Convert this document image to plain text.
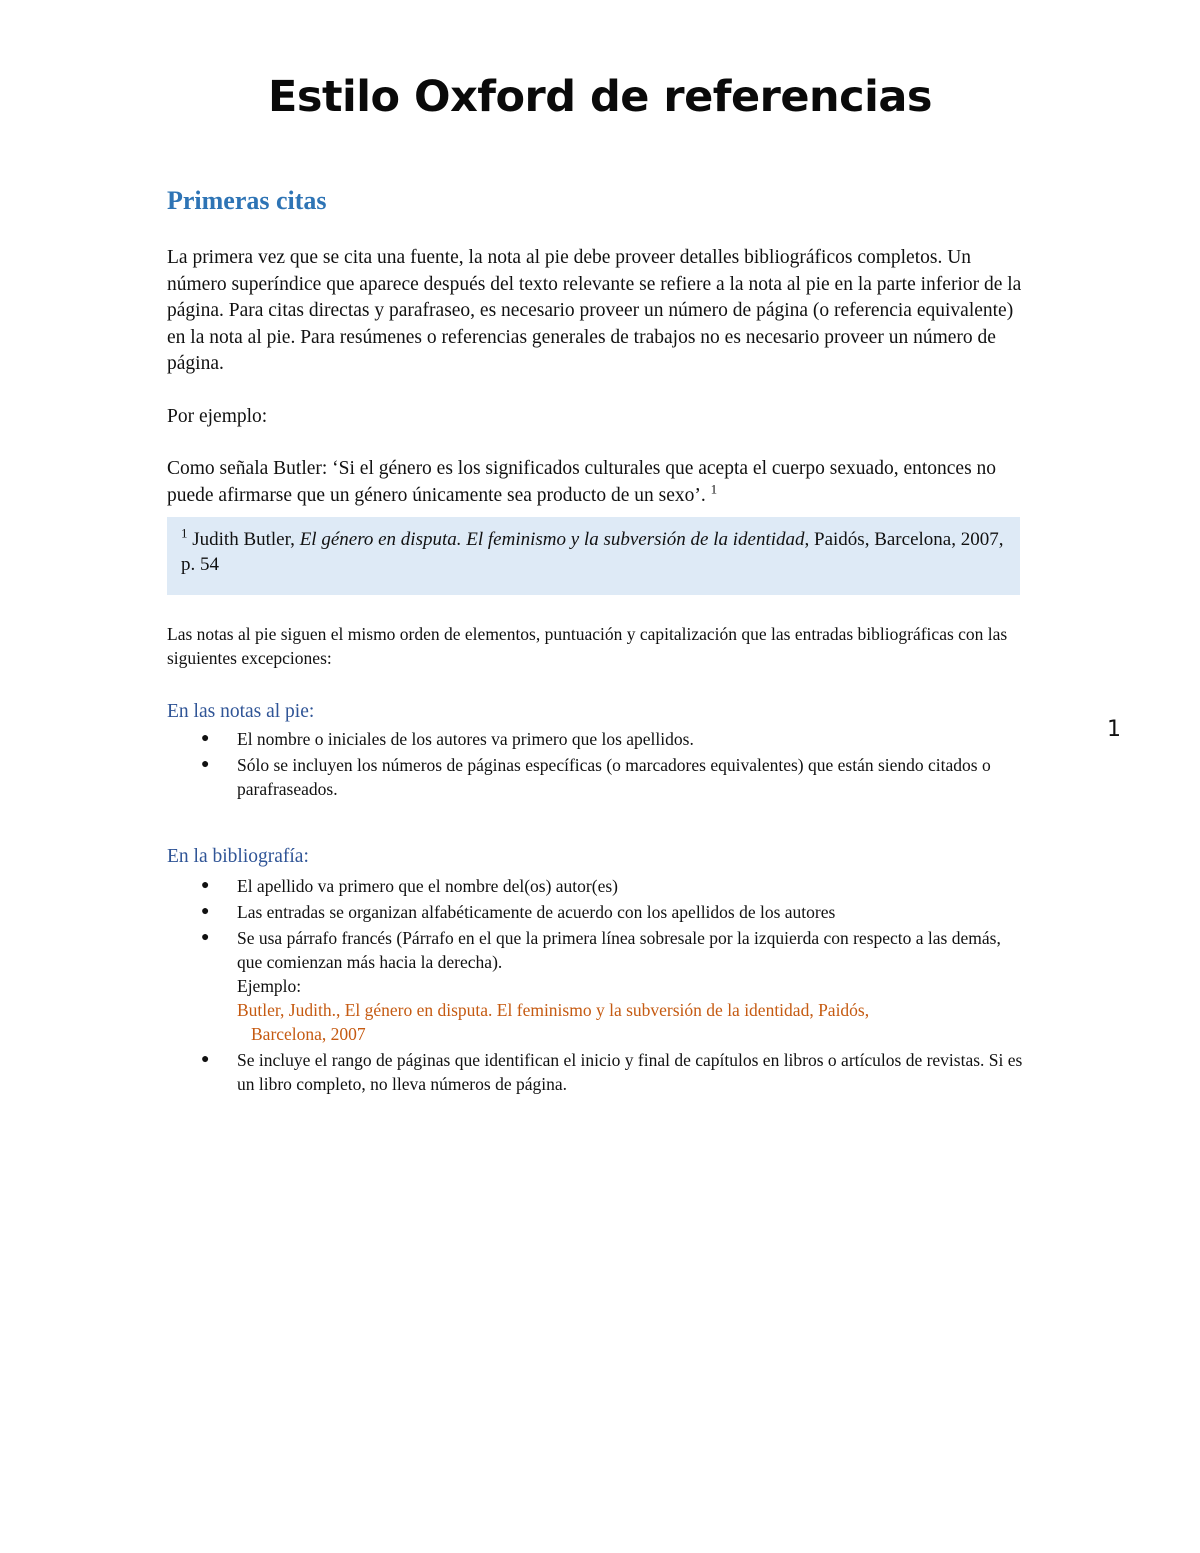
Estilo Oxford de referencias
Primeras citas

La primera vez que se cita una fuente, la nota al pie debe proveer detalles bibliográficos completos. Un número superíndice que aparece después del texto relevante se refiere a la nota al pie en la parte inferior de la página. Para citas directas y parafraseo, es necesario proveer un número de página (o referencia equivalente) en la nota al pie. Para resúmenes o referencias generales de trabajos no es necesario proveer un número de página.

Por ejemplo:

Como señala Butler: ‘Si el género es los significados culturales que acepta el cuerpo sexuado, entonces no puede afirmarse que un género únicamente sea producto de un sexo’. $^1$

$^1$ Judith Butler, El género en disputa. El feminismo y la subversión de la identidad, Paidós, Barcelona, 2007, p. 54

Las notas al pie siguen el mismo orden de elementos, puntuación y capitalización que las entradas bibliográficas con las siguientes excepciones:

En las notas al pie:
● El nombre o iniciales de los autores va primero que los apellidos.
● Sólo se incluyen los números de páginas específicas (o marcadores equivalentes) que están siendo citados o parafraseados.
En la bibliografía:
● El apellido va primero que el nombre del(os) autor(es)
● Las entradas se organizan alfabéticamente de acuerdo con los apellidos de los autores
● Se usa párrafo francés (Párrafo en el que la primera línea sobresale por la izquierda con respecto a las demás, que comienzan más hacia la derecha).
Ejemplo:
Butler, Judith., El género en disputa. El feminismo y la subversión de la identidad, Paidós,
Barcelona, 2007
● Se incluye el rango de páginas que identifican el inicio y final de capítulos en libros o artículos de revistas. Si es un libro completo, no lleva números de página.
1
